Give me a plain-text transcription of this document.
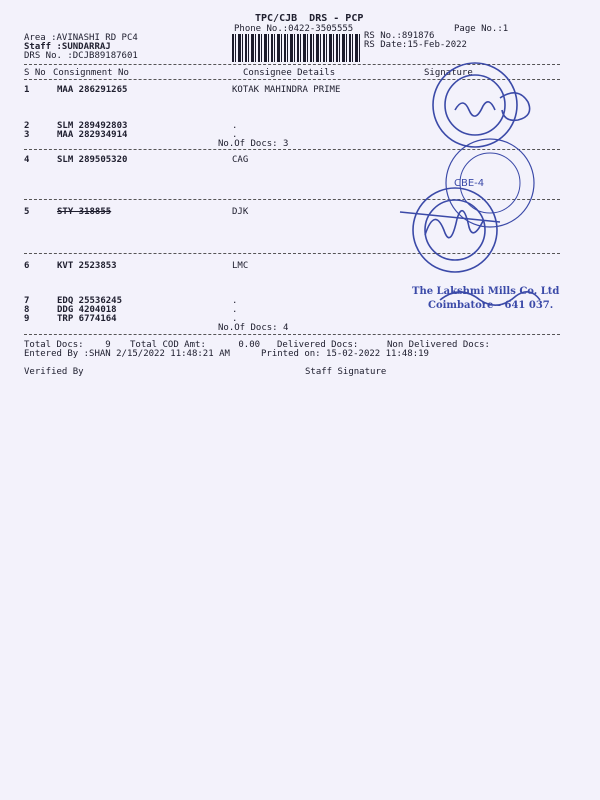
TPC/CJB  DRS - PCP
Phone No.:0422-3505555	Page No.:1
Area :AVINASHI RD PC4
Staff :SUNDARRAJ
DRS No. :DCJB89187601
RS No.:891876
RS Date:15-Feb-2022
S No Consignment No	Consignee Details	Signature
1	MAA 286291265	KOTAK MAHINDRA PRIME
2	SLM 289492803	.
3	MAA 282934914	.
No.Of Docs: 3
4	SLM 289505320	CAG
5	STY 318855	DJK
6	KVT 2523853	LMC
7	EDQ 25536245	.
8	DDG 4204018	.
9	TRP 6774164	.
No.Of Docs: 4
Total Docs:    9 Total COD Amt:      0.00 Delivered Docs:	Non Delivered Docs:
Entered By :SHAN 2/15/2022 11:48:21 AM	Printed on: 15-02-2022 11:48:19
Verified By	Staff Signature
CBE-4
The Lakshmi Mills Co. Ltd
Coimbatore - 641 037.
